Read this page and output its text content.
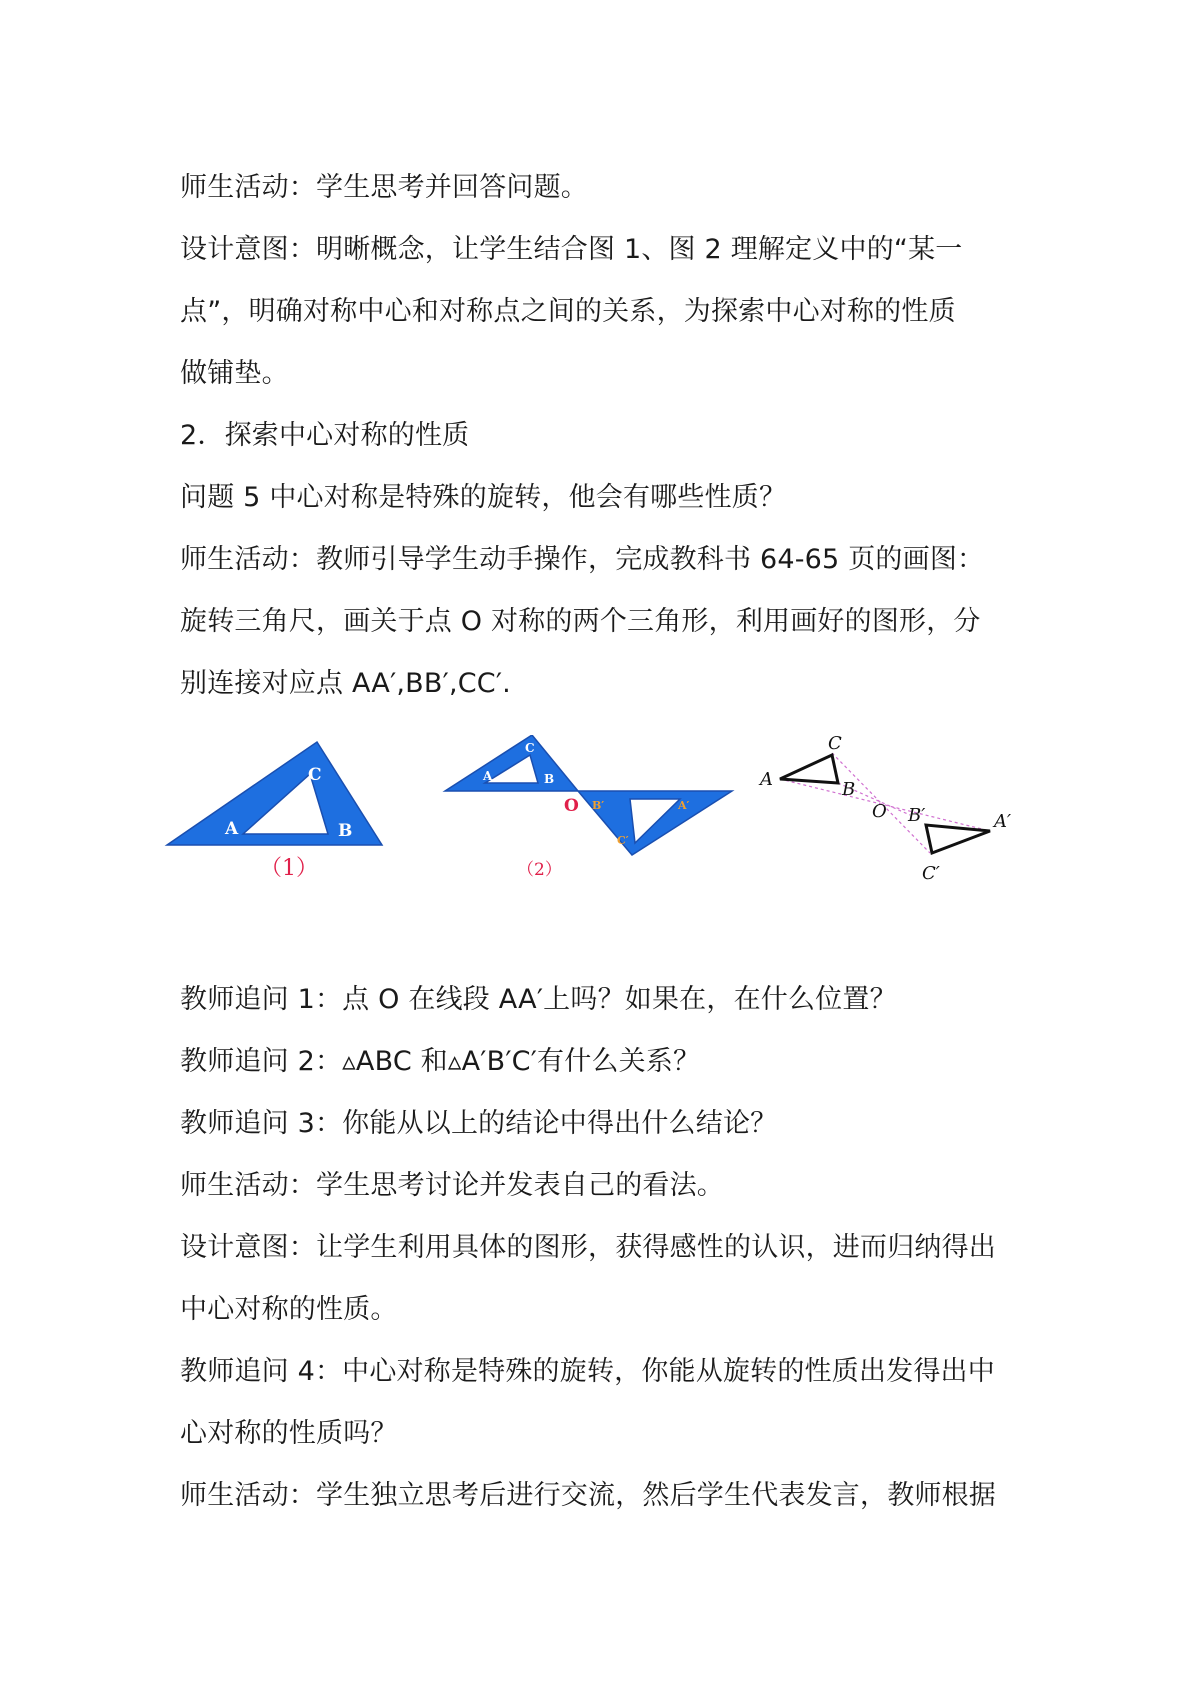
师生活动：学生思考并回答问题。
设计意图：明晰概念，让学生结合图 1、图 2 理解定义中的“某一
点”，明确对称中心和对称点之间的关系，为探索中心对称的性质
做铺垫。
2．探索中心对称的性质
问题 5 中心对称是特殊的旋转，他会有哪些性质？
师生活动：教师引导学生动手操作，完成教科书 64-65 页的画图：
旋转三角尺，画关于点 O 对称的两个三角形，利用画好的图形，分
别连接对应点 AA′,BB′,CC′.
A	B
C
（1）
A	B
C
O B′	A′
C′
（2）
A
C
B
O B′	A′
C′
教师追问 1：点 O 在线段 AA′上吗？如果在，在什么位置？
教师追问 2：▵ABC 和▵A′B′C′有什么关系？
教师追问 3：你能从以上的结论中得出什么结论？
师生活动：学生思考讨论并发表自己的看法。
设计意图：让学生利用具体的图形，获得感性的认识，进而归纳得出
中心对称的性质。
教师追问 4：中心对称是特殊的旋转，你能从旋转的性质出发得出中
心对称的性质吗？
师生活动：学生独立思考后进行交流，然后学生代表发言，教师根据
